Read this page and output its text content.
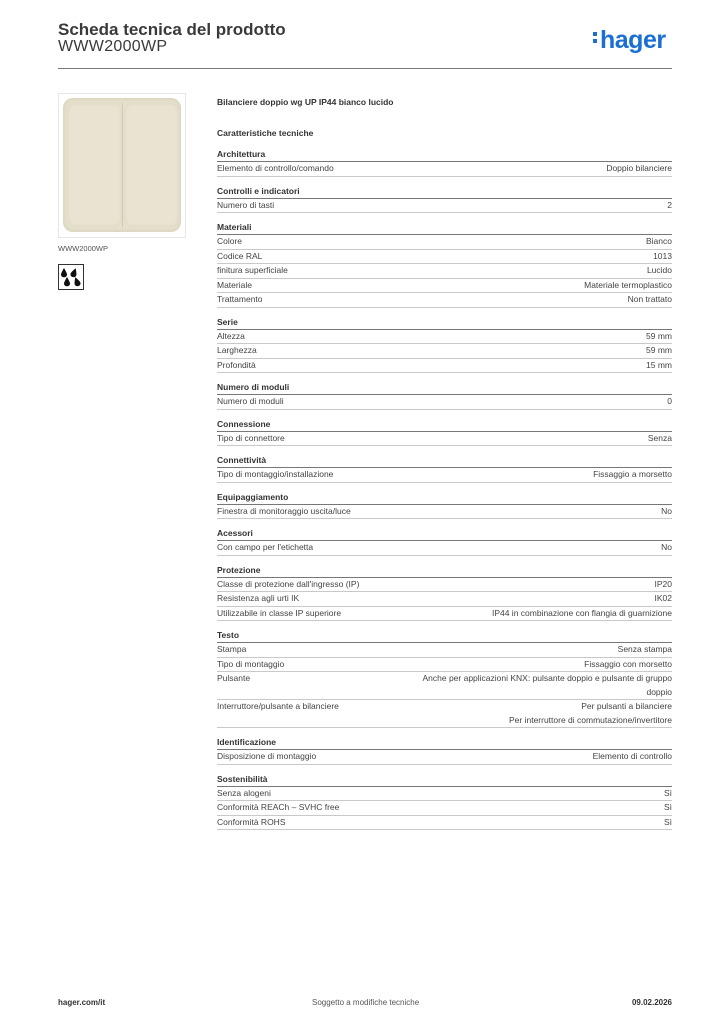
Scheda tecnica del prodotto
WWW2000WP	hager
WWW2000WP
Bilanciere doppio wg UP IP44 bianco lucido
Caratteristiche tecniche
Architettura
Elemento di controllo/comando	Doppio bilanciere
Controlli e indicatori
Numero di tasti	2
Materiali
Colore	Bianco
Codice RAL	1013
finitura superficiale	Lucido
Materiale	Materiale termoplastico
Trattamento	Non trattato
Serie
Altezza	59 mm
Larghezza	59 mm
Profondità	15 mm
Numero di moduli
Numero di moduli	0
Connessione
Tipo di connettore	Senza
Connettività
Tipo di montaggio/installazione	Fissaggio a morsetto
Equipaggiamento
Finestra di monitoraggio uscita/luce	No
Acessori
Con campo per l'etichetta	No
Protezione
Classe di protezione dall'ingresso (IP)	IP20
Resistenza agli urti IK	IK02
Utilizzabile in classe IP superiore	IP44 in combinazione con flangia di guarnizione
Testo
Stampa	Senza stampa
Tipo di montaggio	Fissaggio con morsetto
Pulsante	Anche per applicazioni KNX: pulsante doppio e pulsante di gruppo
doppio
Interruttore/pulsante a bilanciere	Per pulsanti a bilanciere
Per interruttore di commutazione/invertitore
Identificazione
Disposizione di montaggio	Elemento di controllo
Sostenibilità
Senza alogeni	Sì
Conformità REACh – SVHC free	Sì
Conformità ROHS	Sì
hager.com/it	Soggetto a modifiche tecniche	09.02.2026
